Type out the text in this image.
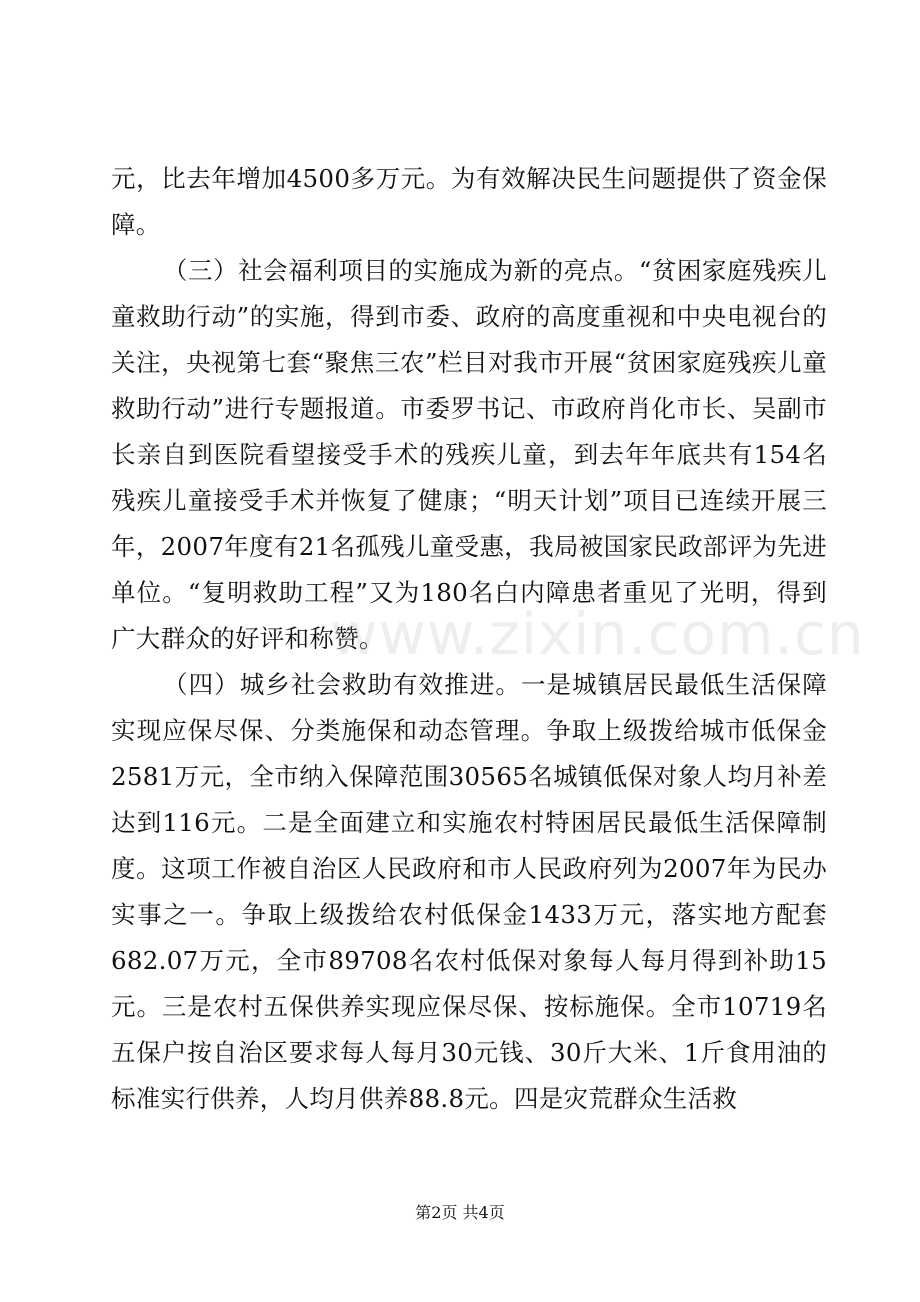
元，比去年增加4500多万元。为有效解决民生问题提供了资金保障。

（三）社会福利项目的实施成为新的亮点。“贫困家庭残疾儿童救助行动”的实施，得到市委、政府的高度重视和中央电视台的关注，央视第七套“聚焦三农”栏目对我市开展“贫困家庭残疾儿童救助行动”进行专题报道。市委罗书记、市政府肖化市长、吴副市长亲自到医院看望接受手术的残疾儿童，到去年年底共有154名残疾儿童接受手术并恢复了健康；“明天计划”项目已连续开展三年，2007年度有21名孤残儿童受惠，我局被国家民政部评为先进单位。“复明救助工程”又为180名白内障患者重见了光明，得到广大群众的好评和称赞。

（四）城乡社会救助有效推进。一是城镇居民最低生活保障实现应保尽保、分类施保和动态管理。争取上级拨给城市低保金2581万元，全市纳入保障范围30565名城镇低保对象人均月补差达到116元。二是全面建立和实施农村特困居民最低生活保障制度。这项工作被自治区人民政府和市人民政府列为2007年为民办实事之一。争取上级拨给农村低保金1433万元，落实地方配套682.07万元，全市89708名农村低保对象每人每月得到补助15元。三是农村五保供养实现应保尽保、按标施保。全市10719名五保户按自治区要求每人每月30元钱、30斤大米、1斤食用油的标准实行供养，人均月供养88.8元。四是灾荒群众生活救

www.zixin.com.cn
第2页 共4页
